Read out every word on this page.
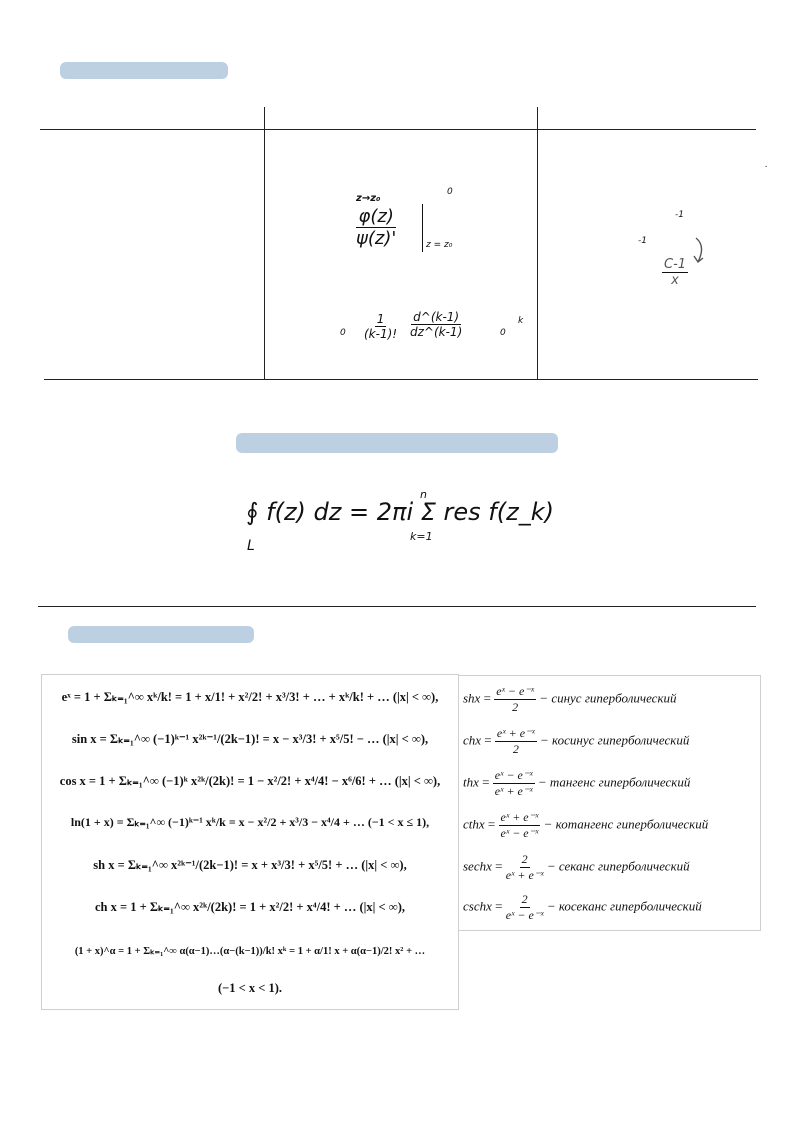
z→z₀
0
$\frac{\varphi(z)}{\psi(z)'}$	z = z₀
$0 \frac{1}{(k-1)!} \frac{d\^{}(k-1)}{dz\^{}(k-1)}$	0
k
-1
-1
$\frac{C-1}{x}$
.
∮ f(z) dz = 2πi Σ res f(z_k)
L
n
k=1
eˣ = 1 + Σₖ₌₁^∞ xᵏ/k! = 1 + x/1! + x²/2! + x³/3! + … + xᵏ/k! + … (|x| < ∞),
sin x = Σₖ₌₁^∞ (−1)ᵏ⁻¹ x²ᵏ⁻¹/(2k−1)! = x − x³/3! + x⁵/5! − … (|x| < ∞),
cos x = 1 + Σₖ₌₁^∞ (−1)ᵏ x²ᵏ/(2k)! = 1 − x²/2! + x⁴/4! − x⁶/6! + … (|x| < ∞),
ln(1 + x) = Σₖ₌₁^∞ (−1)ᵏ⁻¹ xᵏ/k = x − x²/2 + x³/3 − x⁴/4 + … (−1 < x ≤ 1),
sh x = Σₖ₌₁^∞ x²ᵏ⁻¹/(2k−1)! = x + x³/3! + x⁵/5! + … (|x| < ∞),
ch x = 1 + Σₖ₌₁^∞ x²ᵏ/(2k)! = 1 + x²/2! + x⁴/4! + … (|x| < ∞),
(1 + x)^α = 1 + Σₖ₌₁^∞ α(α−1)…(α−(k−1))/k! xᵏ = 1 + α/1! x + α(α−1)/2! x² + …
(−1 < x < 1).
shx = $\frac{\text{eˣ − e⁻ˣ}}{2}$ − синус гиперболический
chx = $\frac{\text{eˣ + e⁻ˣ}}{2}$ − косинус гиперболический
thx = $\frac{\text{eˣ − e⁻ˣ}}{\text{eˣ + e⁻ˣ}}$ − тангенс гиперболический
cthx = $\frac{\text{eˣ + e⁻ˣ}}{\text{eˣ − e⁻ˣ}}$ − котангенс гиперболический
sechx = $\frac{2}{\text{eˣ + e⁻ˣ}}$ − секанс гиперболический
cschx = $\frac{2}{\text{eˣ − e⁻ˣ}}$ − косеканс гиперболический
